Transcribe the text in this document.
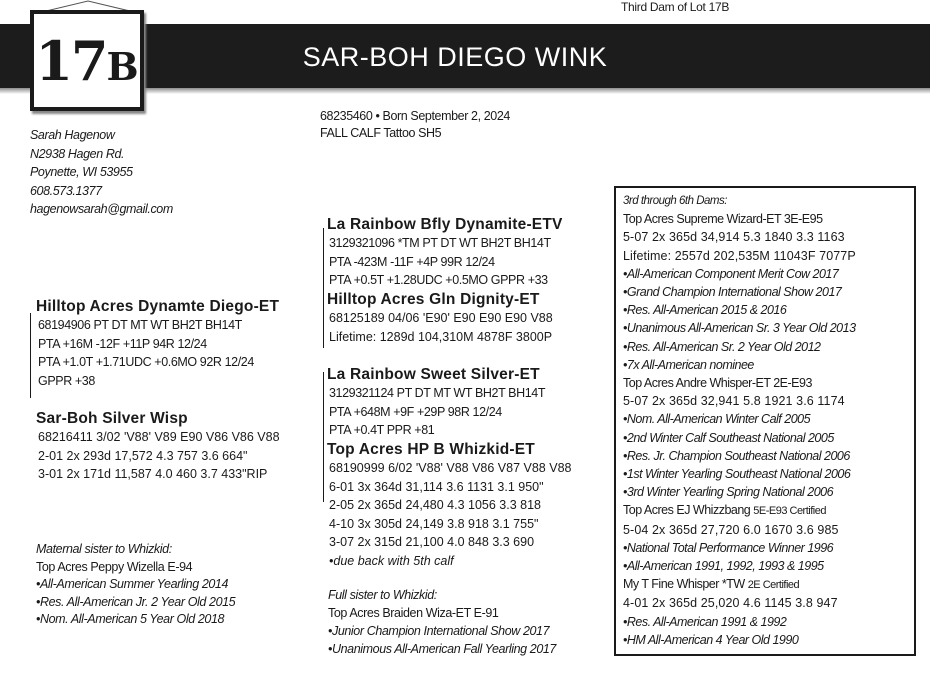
Third Dam of Lot 17B
17B	SAR-BOH DIEGO WINK
68235460 • Born September 2, 2024
FALL CALF Tattoo SH5
Sarah Hagenow
N2938 Hagen Rd.
Poynette, WI 53955
608.573.1377
hagenowsarah@gmail.com
Hilltop Acres Dynamte Diego-ET
68194906 PT DT MT WT BH2T BH14T
PTA +16M -12F +11P 94R 12/24
PTA +1.0T +1.71UDC +0.6MO 92R 12/24
GPPR +38
Sar-Boh Silver Wisp
68216411 3/02 'V88' V89 E90 V86 V86 V88
2-01 2x 293d 17,572 4.3 757 3.6 664"
3-01 2x 171d 11,587 4.0 460 3.7 433"RIP
Maternal sister to Whizkid:
Top Acres Peppy Wizella E-94
•All-American Summer Yearling 2014
•Res. All-American Jr. 2 Year Old 2015
•Nom. All-American 5 Year Old 2018
La Rainbow Bfly Dynamite-ETV
3129321096 *TM PT DT WT BH2T BH14T
PTA -423M -11F +4P 99R 12/24
PTA +0.5T +1.28UDC +0.5MO GPPR +33
Hilltop Acres Gln Dignity-ET
68125189 04/06 'E90' E90 E90 E90 V88
Lifetime: 1289d 104,310M 4878F 3800P
La Rainbow Sweet Silver-ET
3129321124 PT DT MT WT BH2T BH14T
PTA +648M +9F +29P 98R 12/24
PTA +0.4T PPR +81
Top Acres HP B Whizkid-ET
68190999 6/02 'V88' V88 V86 V87 V88 V88
6-01 3x 364d 31,114 3.6 1131 3.1 950"
2-05 2x 365d 24,480 4.3 1056 3.3 818
4-10 3x 305d 24,149 3.8 918 3.1 755"
3-07 2x 315d 21,100 4.0 848 3.3 690
•due back with 5th calf
Full sister to Whizkid:
Top Acres Braiden Wiza-ET E-91
•Junior Champion International Show 2017
•Unanimous All-American Fall Yearling 2017
3rd through 6th Dams:
Top Acres Supreme Wizard-ET 3E-E95
5-07 2x 365d 34,914 5.3 1840 3.3 1163
Lifetime: 2557d 202,535M 11043F 7077P
•All-American Component Merit Cow 2017
•Grand Champion International Show 2017
•Res. All-American 2015 & 2016
•Unanimous All-American Sr. 3 Year Old 2013
•Res. All-American Sr. 2 Year Old 2012
•7x All-American nominee
Top Acres Andre Whisper-ET 2E-E93
5-07 2x 365d 32,941 5.8 1921 3.6 1174
•Nom. All-American Winter Calf 2005
•2nd Winter Calf Southeast National 2005
•Res. Jr. Champion Southeast National 2006
•1st Winter Yearling Southeast National 2006
•3rd Winter Yearling Spring National 2006
Top Acres EJ Whizzbang 5E-E93 Certified
5-04 2x 365d 27,720 6.0 1670 3.6 985
•National Total Performance Winner 1996
•All-American 1991, 1992, 1993 & 1995
My T Fine Whisper *TW 2E Certified
4-01 2x 365d 25,020 4.6 1145 3.8 947
•Res. All-American 1991 & 1992
•HM All-American 4 Year Old 1990
